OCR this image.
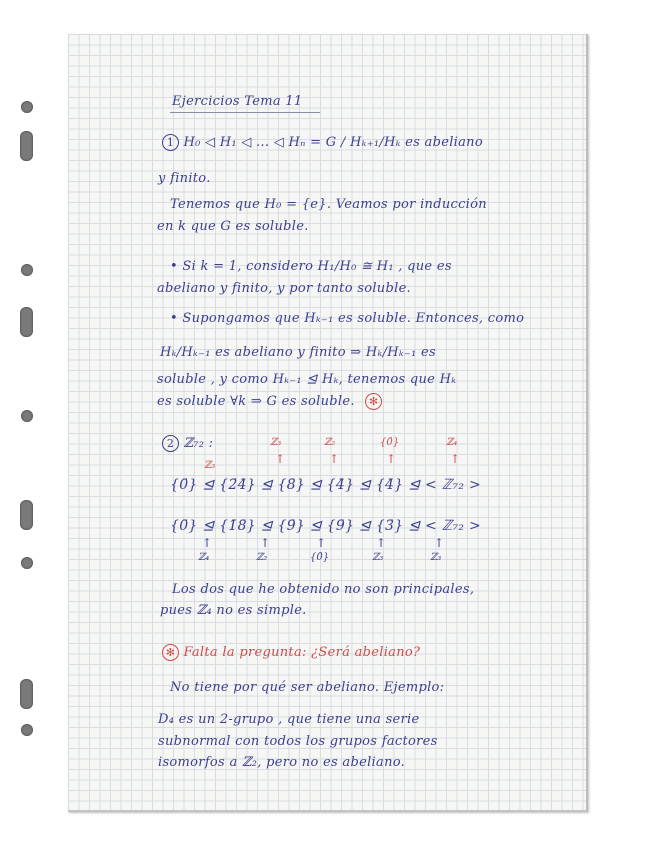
Ejercicios Tema 11
1 H₀ ◁ H₁ ◁ ... ◁ Hₙ = G / Hₖ₊₁/Hₖ es abeliano
y finito.
Tenemos que H₀ = {e}. Veamos por inducción
en k que G es soluble.
• Si k = 1, considero H₁/H₀ ≅ H₁ , que es
abeliano y finito, y por tanto soluble.
• Supongamos que Hₖ₋₁ es soluble. Entonces, como
Hₖ/Hₖ₋₁ es abeliano y finito ⇒ Hₖ/Hₖ₋₁ es
soluble , y como Hₖ₋₁ ⊴ Hₖ, tenemos que Hₖ
es soluble ∀k ⇒ G es soluble. ✻
2 ℤ₇₂ :	ℤ₃	ℤ₂	{0̄}	ℤ₄
↑	↑	↑	↑
ℤ₃
{0̄} ⊴ {2̄4̄} ⊴ {8̄} ⊴ {4̄} ⊴ {4̄} ⊴ < ℤ₇₂ >
{0̄} ⊴ {1̄8̄} ⊴ {9̄} ⊴ {9̄} ⊴ {3̄} ⊴ < ℤ₇₂ >
↑	↑	↑	↑	↑
ℤ₄	ℤ₂	{0̄}	ℤ₃	ℤ₃
Los dos que he obtenido no son principales,
pues ℤ₄ no es simple.
✻ Falta la pregunta: ¿Será abeliano?
No tiene por qué ser abeliano. Ejemplo:
D₄ es un 2-grupo , que tiene una serie
subnormal con todos los grupos factores
isomorfos a ℤ₂, pero no es abeliano.
